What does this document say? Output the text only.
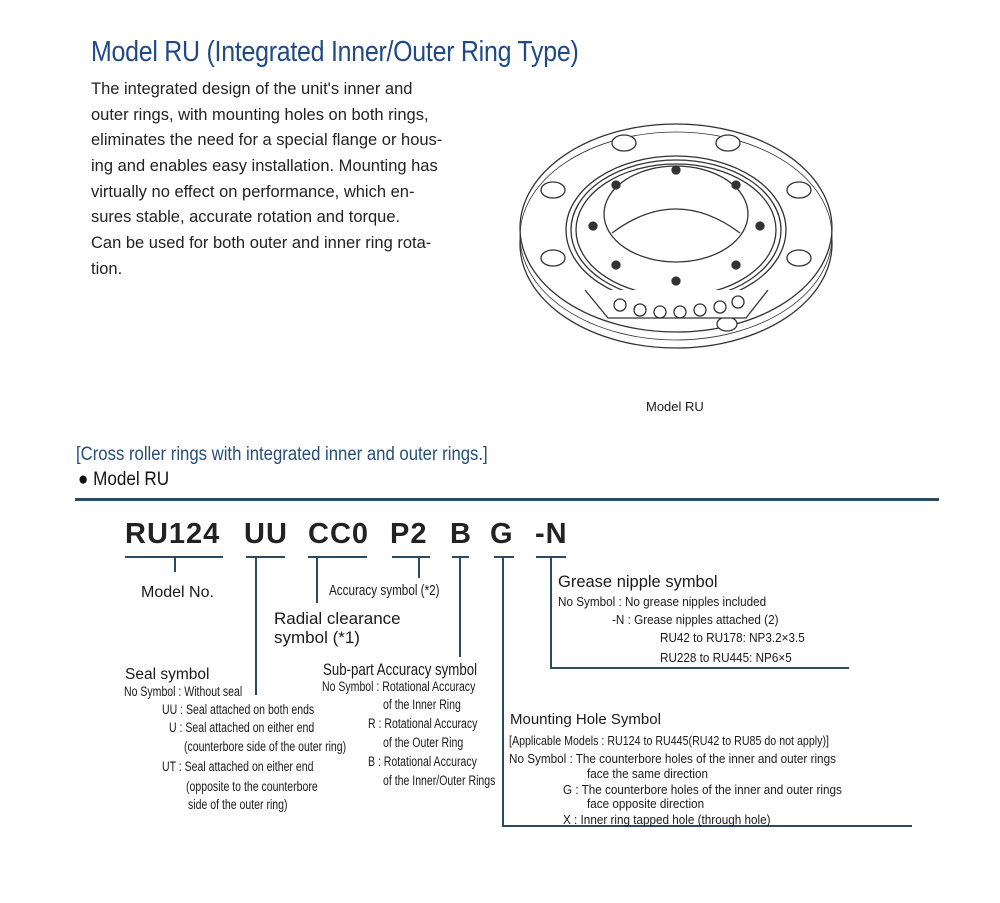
Model RU (Integrated Inner/Outer Ring Type)
The integrated design of the unit's inner and
outer rings, with mounting holes on both rings,
eliminates the need for a special flange or hous-
ing and enables easy installation. Mounting has
virtually no effect on performance, which en-
sures stable, accurate rotation and torque.
Can be used for both outer and inner ring rota-
tion.
Model RU
[Cross roller rings with integrated inner and outer rings.]
● Model RU
RU124 UU CC0 P2 B G -N
Model No.	Accuracy symbol (*2)
Radial clearance
symbol (*1)
Seal symbol
No Symbol : Without seal
UU : Seal attached on both ends
U : Seal attached on either end
(counterbore side of the outer ring)
UT : Seal attached on either end
(opposite to the counterbore
side of the outer ring)
Sub-part Accuracy symbol
No Symbol : Rotational Accuracy
of the Inner Ring
R : Rotational Accuracy
of the Outer Ring
B : Rotational Accuracy
of the Inner/Outer Rings
Grease nipple symbol
No Symbol : No grease nipples included
-N : Grease nipples attached (2)
RU42 to RU178: NP3.2×3.5
RU228 to RU445: NP6×5
Mounting Hole Symbol
[Applicable Models : RU124 to RU445(RU42 to RU85 do not apply)]
No Symbol : The counterbore holes of the inner and outer rings
face the same direction
G : The counterbore holes of the inner and outer rings
face opposite direction
X : Inner ring tapped hole (through hole)
